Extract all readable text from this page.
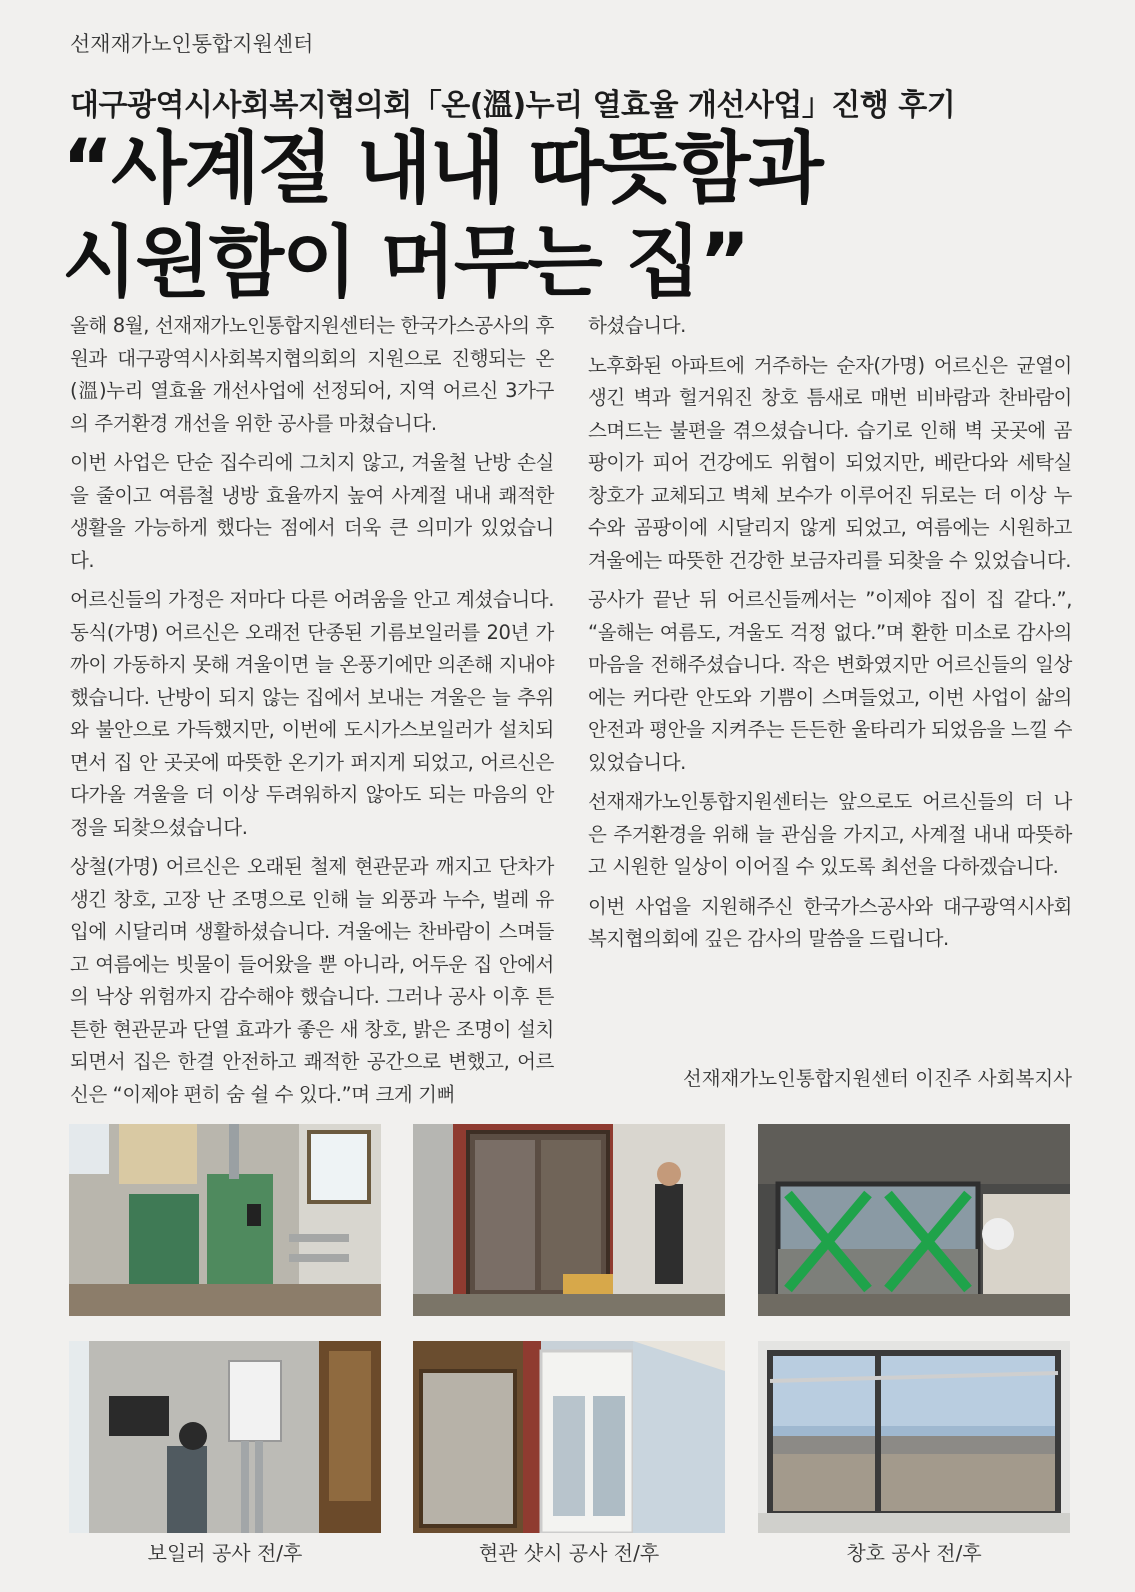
선재재가노인통합지원센터
대구광역시사회복지협의회「온(溫)누리 열효율 개선사업」진행 후기
“사계절 내내 따뜻함과
시원함이 머무는 집”

올해 8월, 선재재가노인통합지원센터는 한국가스공사의 후원과 대구광역시사회복지협의회의 지원으로 진행되는 온(溫)누리 열효율 개선사업에 선정되어, 지역 어르신 3가구의 주거환경 개선을 위한 공사를 마쳤습니다.

이번 사업은 단순 집수리에 그치지 않고, 겨울철 난방 손실을 줄이고 여름철 냉방 효율까지 높여 사계절 내내 쾌적한 생활을 가능하게 했다는 점에서 더욱 큰 의미가 있었습니다.

어르신들의 가정은 저마다 다른 어려움을 안고 계셨습니다. 동식(가명) 어르신은 오래전 단종된 기름보일러를 20년 가까이 가동하지 못해 겨울이면 늘 온풍기에만 의존해 지내야 했습니다. 난방이 되지 않는 집에서 보내는 겨울은 늘 추위와 불안으로 가득했지만, 이번에 도시가스보일러가 설치되면서 집 안 곳곳에 따뜻한 온기가 퍼지게 되었고, 어르신은 다가올 겨울을 더 이상 두려워하지 않아도 되는 마음의 안정을 되찾으셨습니다.

상철(가명) 어르신은 오래된 철제 현관문과 깨지고 단차가 생긴 창호, 고장 난 조명으로 인해 늘 외풍과 누수, 벌레 유입에 시달리며 생활하셨습니다. 겨울에는 찬바람이 스며들고 여름에는 빗물이 들어왔을 뿐 아니라, 어두운 집 안에서의 낙상 위험까지 감수해야 했습니다. 그러나 공사 이후 튼튼한 현관문과 단열 효과가 좋은 새 창호, 밝은 조명이 설치되면서 집은 한결 안전하고 쾌적한 공간으로 변했고, 어르신은 “이제야 편히 숨 쉴 수 있다.”며 크게 기뻐

하셨습니다.

노후화된 아파트에 거주하는 순자(가명) 어르신은 균열이 생긴 벽과 헐거워진 창호 틈새로 매번 비바람과 찬바람이 스며드는 불편을 겪으셨습니다. 습기로 인해 벽 곳곳에 곰팡이가 피어 건강에도 위협이 되었지만, 베란다와 세탁실 창호가 교체되고 벽체 보수가 이루어진 뒤로는 더 이상 누수와 곰팡이에 시달리지 않게 되었고, 여름에는 시원하고 겨울에는 따뜻한 건강한 보금자리를 되찾을 수 있었습니다.

공사가 끝난 뒤 어르신들께서는 ”이제야 집이 집 같다.”, “올해는 여름도, 겨울도 걱정 없다.”며 환한 미소로 감사의 마음을 전해주셨습니다. 작은 변화였지만 어르신들의 일상에는 커다란 안도와 기쁨이 스며들었고, 이번 사업이 삶의 안전과 평안을 지켜주는 든든한 울타리가 되었음을 느낄 수 있었습니다.

선재재가노인통합지원센터는 앞으로도 어르신들의 더 나은 주거환경을 위해 늘 관심을 가지고, 사계절 내내 따뜻하고 시원한 일상이 이어질 수 있도록 최선을 다하겠습니다.

이번 사업을 지원해주신 한국가스공사와 대구광역시사회복지협의회에 깊은 감사의 말씀을 드립니다.

선재재가노인통합지원센터 이진주 사회복지사
보일러 공사 전/후	현관 샷시 공사 전/후	창호 공사 전/후
